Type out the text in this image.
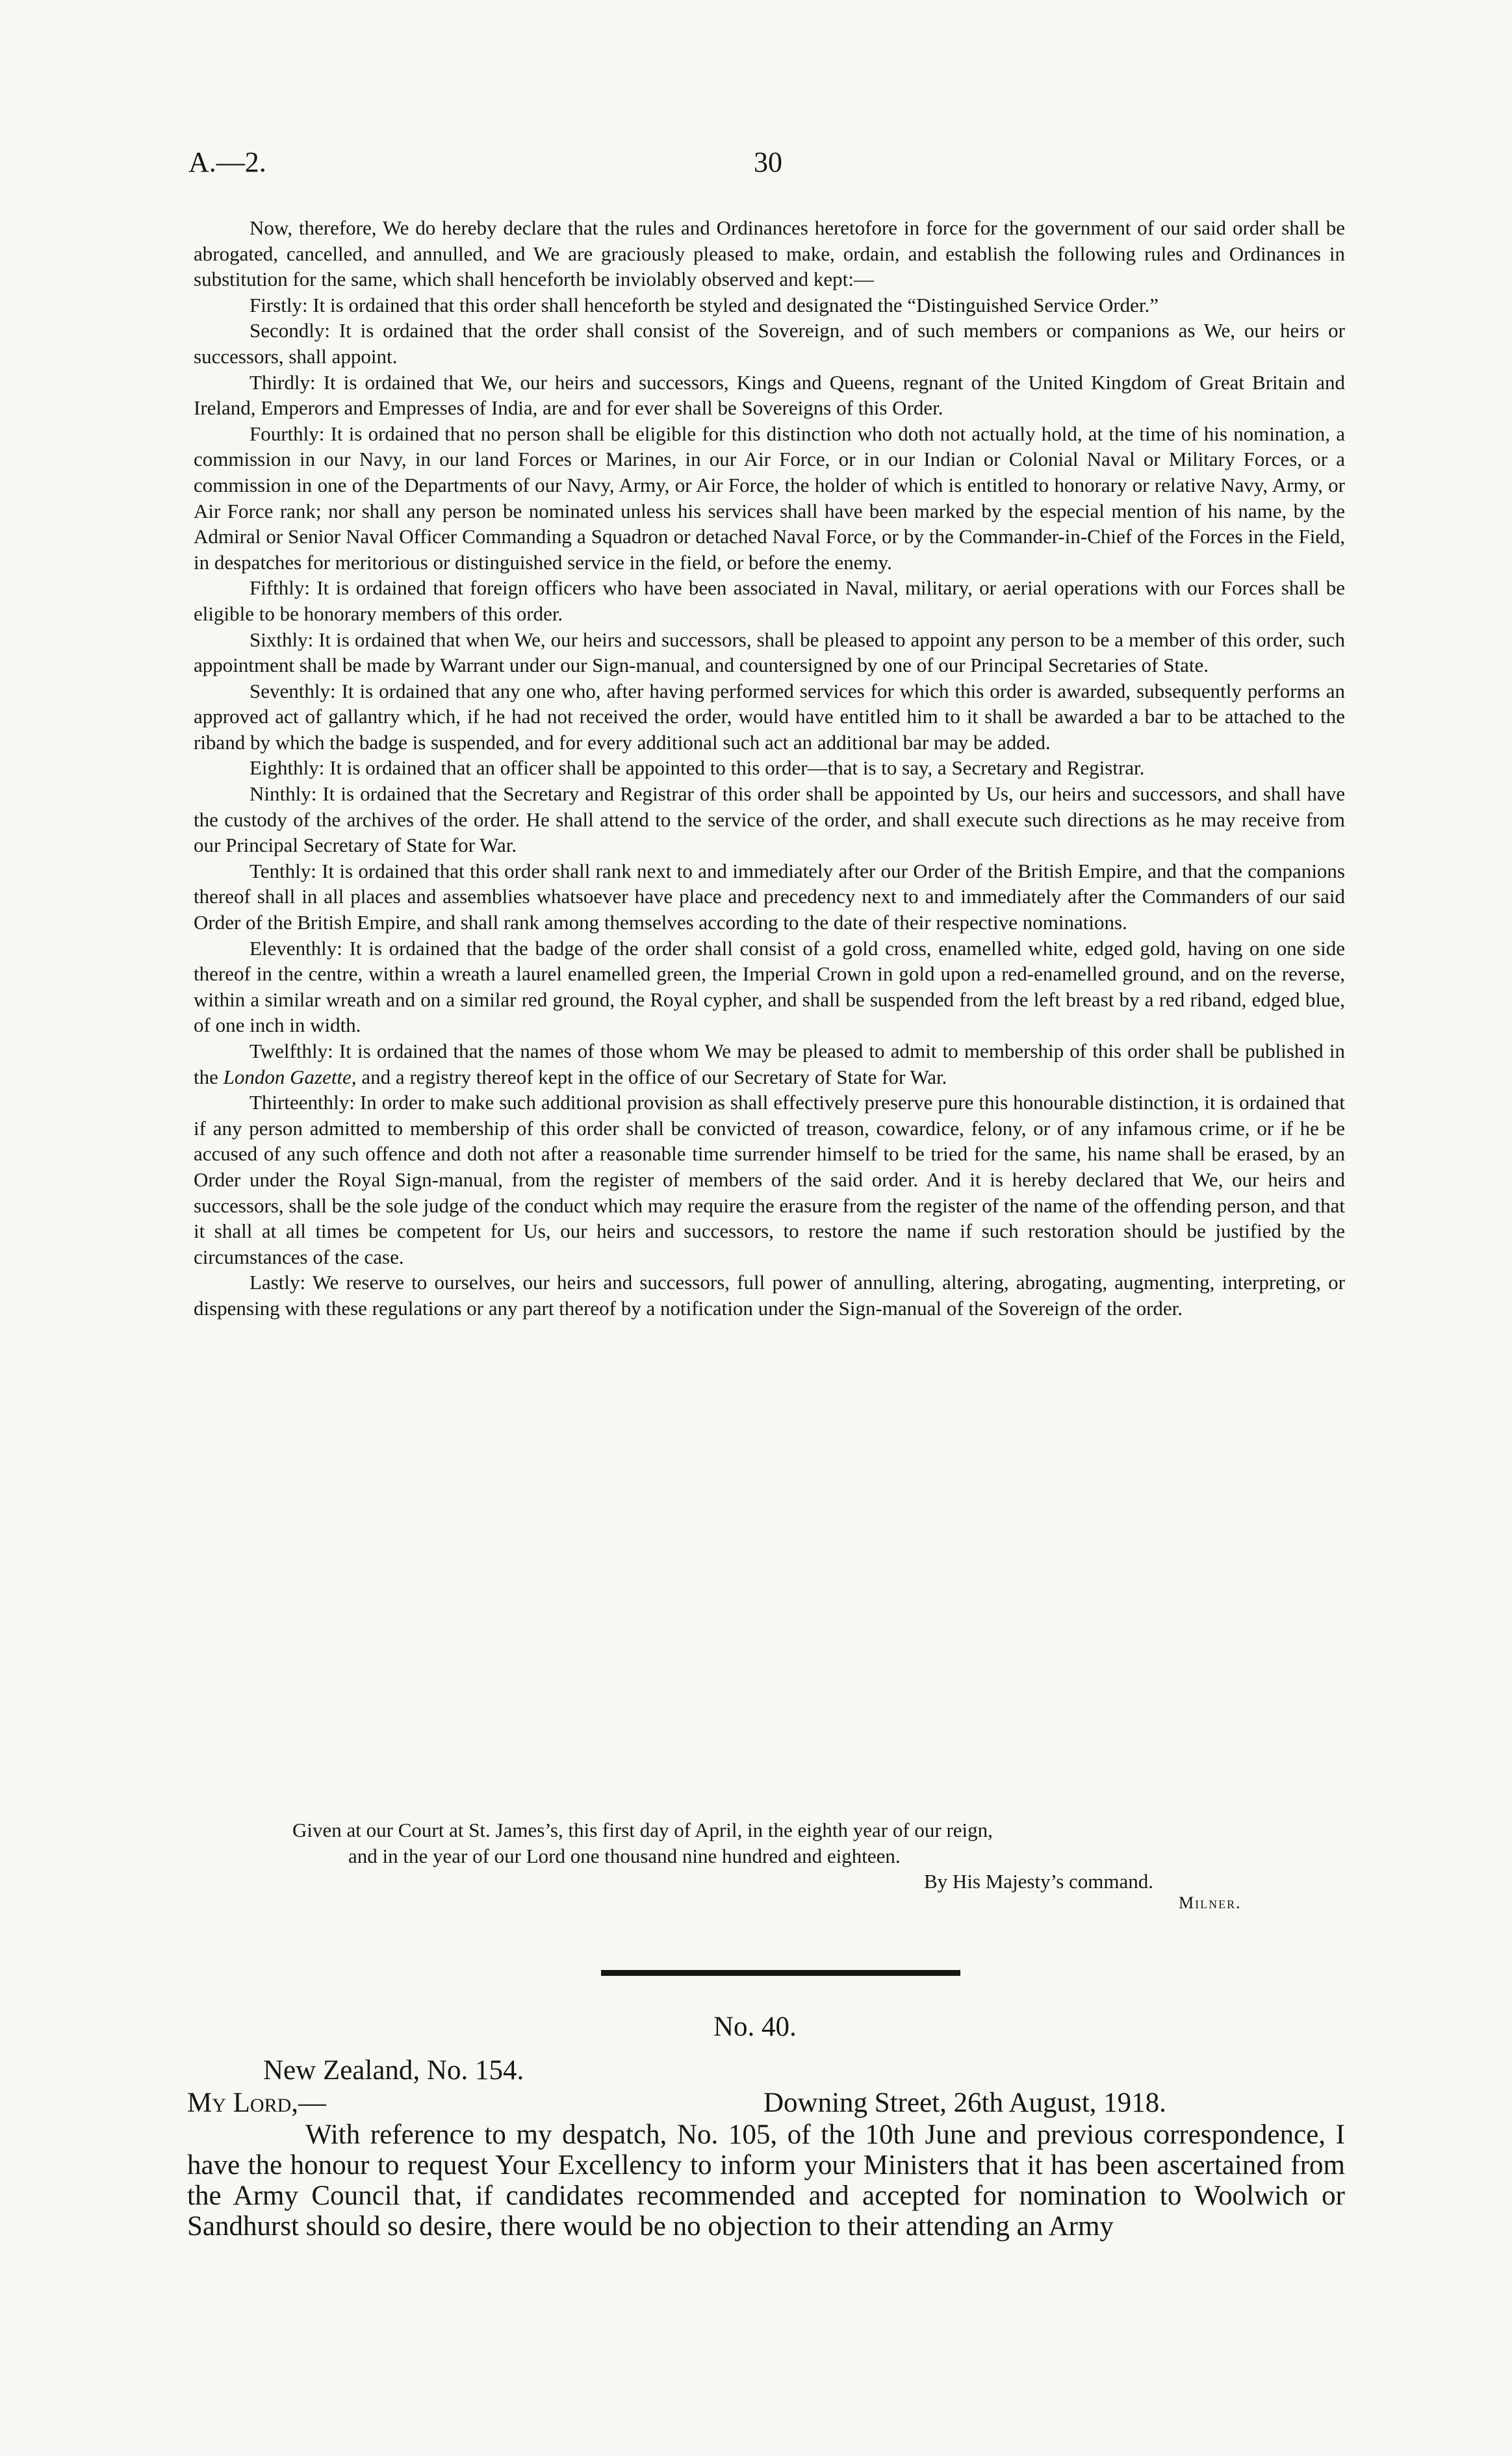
A.—2.	30

Now, therefore, We do hereby declare that the rules and Ordinances heretofore in force for the government of our said order shall be abrogated, cancelled, and annulled, and We are graciously pleased to make, ordain, and establish the following rules and Ordinances in substitution for the same, which shall henceforth be inviolably observed and kept:—

Firstly: It is ordained that this order shall henceforth be styled and designated the “Distinguished Service Order.”

Secondly: It is ordained that the order shall consist of the Sovereign, and of such members or companions as We, our heirs or successors, shall appoint.

Thirdly: It is ordained that We, our heirs and successors, Kings and Queens, regnant of the United Kingdom of Great Britain and Ireland, Emperors and Empresses of India, are and for ever shall be Sovereigns of this Order.

Fourthly: It is ordained that no person shall be eligible for this distinction who doth not actually hold, at the time of his nomination, a commission in our Navy, in our land Forces or Marines, in our Air Force, or in our Indian or Colonial Naval or Military Forces, or a commission in one of the Departments of our Navy, Army, or Air Force, the holder of which is entitled to honorary or relative Navy, Army, or Air Force rank; nor shall any person be nominated unless his services shall have been marked by the especial mention of his name, by the Admiral or Senior Naval Officer Commanding a Squadron or detached Naval Force, or by the Commander-in-Chief of the Forces in the Field, in despatches for meritorious or distinguished service in the field, or before the enemy.

Fifthly: It is ordained that foreign officers who have been associated in Naval, military, or aerial operations with our Forces shall be eligible to be honorary members of this order.

Sixthly: It is ordained that when We, our heirs and successors, shall be pleased to appoint any person to be a member of this order, such appointment shall be made by Warrant under our Sign-manual, and countersigned by one of our Principal Secretaries of State.

Seventhly: It is ordained that any one who, after having performed services for which this order is awarded, subsequently performs an approved act of gallantry which, if he had not received the order, would have entitled him to it shall be awarded a bar to be attached to the riband by which the badge is suspended, and for every additional such act an additional bar may be added.

Eighthly: It is ordained that an officer shall be appointed to this order—that is to say, a Secretary and Registrar.

Ninthly: It is ordained that the Secretary and Registrar of this order shall be appointed by Us, our heirs and successors, and shall have the custody of the archives of the order. He shall attend to the service of the order, and shall execute such directions as he may receive from our Principal Secretary of State for War.

Tenthly: It is ordained that this order shall rank next to and immediately after our Order of the British Empire, and that the companions thereof shall in all places and assemblies whatsoever have place and precedency next to and immediately after the Commanders of our said Order of the British Empire, and shall rank among themselves according to the date of their respective nominations.

Eleventhly: It is ordained that the badge of the order shall consist of a gold cross, enamelled white, edged gold, having on one side thereof in the centre, within a wreath a laurel enamelled green, the Imperial Crown in gold upon a red-enamelled ground, and on the reverse, within a similar wreath and on a similar red ground, the Royal cypher, and shall be suspended from the left breast by a red riband, edged blue, of one inch in width.

Twelfthly: It is ordained that the names of those whom We may be pleased to admit to membership of this order shall be published in the London Gazette, and a registry thereof kept in the office of our Secretary of State for War.

Thirteenthly: In order to make such additional provision as shall effectively preserve pure this honourable distinction, it is ordained that if any person admitted to membership of this order shall be convicted of treason, cowardice, felony, or of any infamous crime, or if he be accused of any such offence and doth not after a reasonable time surrender himself to be tried for the same, his name shall be erased, by an Order under the Royal Sign-manual, from the register of members of the said order. And it is hereby declared that We, our heirs and successors, shall be the sole judge of the conduct which may require the erasure from the register of the name of the offending person, and that it shall at all times be competent for Us, our heirs and successors, to restore the name if such restoration should be justified by the circumstances of the case.

Lastly: We reserve to ourselves, our heirs and successors, full power of annulling, altering, abrogating, augmenting, interpreting, or dispensing with these regulations or any part thereof by a notification under the Sign-manual of the Sovereign of the order.

Given at our Court at St. James’s, this first day of April, in the eighth year of our reign,

and in the year of our Lord one thousand nine hundred and eighteen.

By His Majesty’s command.
Milner.
No. 40.
New Zealand, No. 154.
My Lord,—	Downing Street, 26th August, 1918.

With reference to my despatch, No. 105, of the 10th June and previous correspondence, I have the honour to request Your Excellency to inform your Ministers that it has been ascertained from the Army Council that, if candidates recommended and accepted for nomination to Woolwich or Sandhurst should so desire, there would be no objection to their attending an Army
